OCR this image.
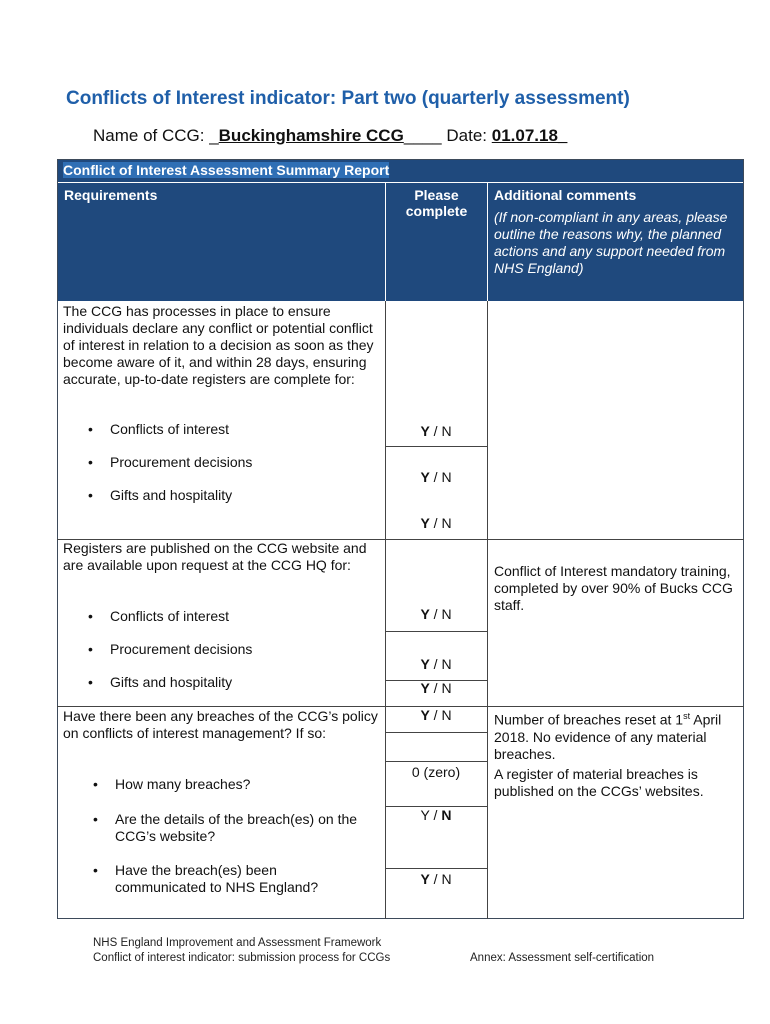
Conflicts of Interest indicator: Part two (quarterly assessment)
Name of CCG: _Buckinghamshire CCG____ Date: 01.07.18_
Conflict of Interest Assessment Summary Report
Requirements	Please complete
Additional comments
(If non-compliant in any areas, please outline the reasons why, the planned actions and any support needed from NHS England)
The CCG has processes in place to ensure individuals declare any conflict or potential conflict of interest in relation to a decision as soon as they become aware of it, and within 28 days, ensuring accurate, up-to-date registers are complete for:
• Conflicts of interest
• Procurement decisions
• Gifts and hospitality
Y / N
Y / N
Y / N
Registers are published on the CCG website and are available upon request at the CCG HQ for:
• Conflicts of interest
• Procurement decisions
• Gifts and hospitality
Y / N
Y / N
Y / N
Conflict of Interest mandatory training, completed by over 90% of Bucks CCG staff.
Have there been any breaches of the CCG’s policy on conflicts of interest management? If so:
• How many breaches?
• Are the details of the breach(es) on the CCG’s website?
• Have the breach(es) been communicated to NHS England?
Y / N
0 (zero)
Y / N
Y / N
Number of breaches reset at 1st April 2018. No evidence of any material breaches.
A register of material breaches is published on the CCGs’ websites.
NHS England Improvement and Assessment Framework
Conflict of interest indicator: submission process for CCGs	Annex: Assessment self-certification
